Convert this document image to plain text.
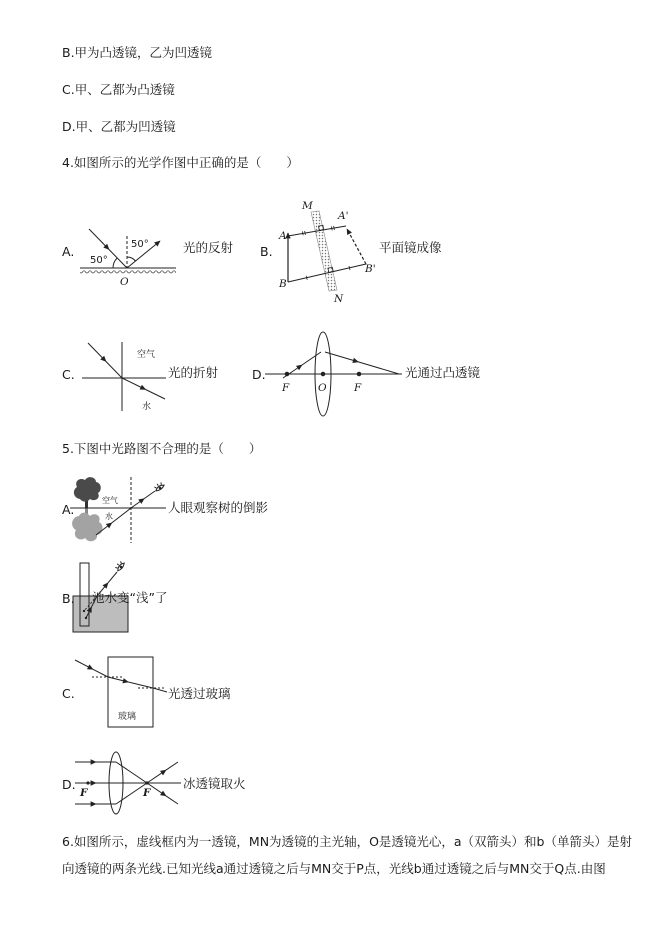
50°
50°
O
M
N
A
B
A'
B'
空气
水
F	O	F
空气
水
玻璃
F	F
B.甲为凸透镜，乙为凹透镜
C.甲、乙都为凸透镜
D.甲、乙都为凹透镜
4.如图所示的光学作图中正确的是（　　）
A.	光的反射 B.	平面镜成像
C.	光的折射	D.	光通过凸透镜
5.下图中光路图不合理的是（　　）
A.	人眼观察树的倒影
B. 池水变“浅”了
C.	光透过玻璃
D.	冰透镜取火
6.如图所示，虚线框内为一透镜，MN为透镜的主光轴，O是透镜光心，a（双箭头）和b（单箭头）是射
向透镜的两条光线.已知光线a通过透镜之后与MN交于P点，光线b通过透镜之后与MN交于Q点.由图
